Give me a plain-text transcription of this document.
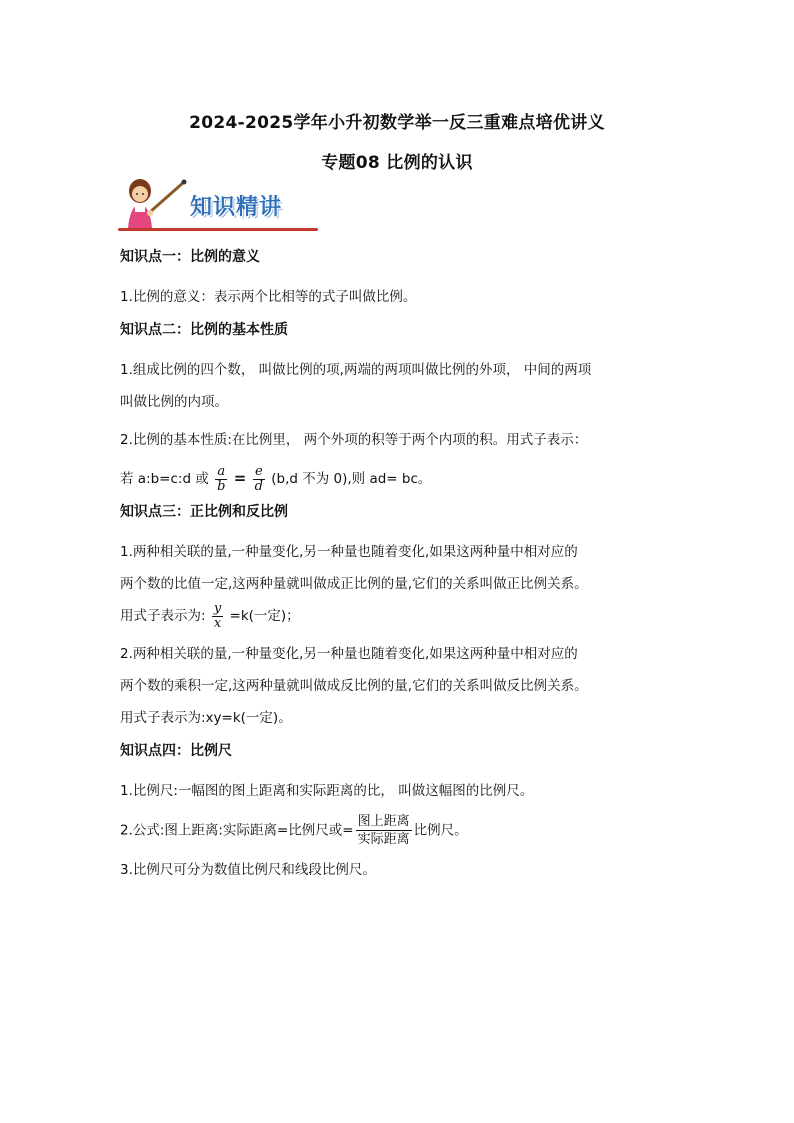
2024-2025学年小升初数学举一反三重难点培优讲义
专题08 比例的认识
知识精讲
知识点一：比例的意义
1.比例的意义：表示两个比相等的式子叫做比例。
知识点二：比例的基本性质
1.组成比例的四个数， 叫做比例的项,两端的两项叫做比例的外项， 中间的两项
叫做比例的内项。
2.比例的基本性质:在比例里， 两个外项的积等于两个内项的积。用式子表示：
若 a:b=c:d 或 $\frac{a}{b} = \frac{e}{d} (b,d$ 不为 0),则 ad= bc。
知识点三：正比例和反比例
1.两种相关联的量,一种量变化,另一种量也随着变化,如果这两种量中相对应的
两个数的比值一定,这两种量就叫做成正比例的量,它们的关系叫做正比例关系。
用式子表示为: $\frac{y}{x} =k$(一定)；
2.两种相关联的量,一种量变化,另一种量也随着变化,如果这两种量中相对应的
两个数的乘积一定,这两种量就叫做成反比例的量,它们的关系叫做反比例关系。
用式子表示为:xy=k(一定)。
知识点四：比例尺
1.比例尺:一幅图的图上距离和实际距离的比， 叫做这幅图的比例尺。
2.公式:图上距离:实际距离=比例尺或= $\frac{\text{图上距离}}{\text{实际距离}}$ 比例尺。
3.比例尺可分为数值比例尺和线段比例尺。
